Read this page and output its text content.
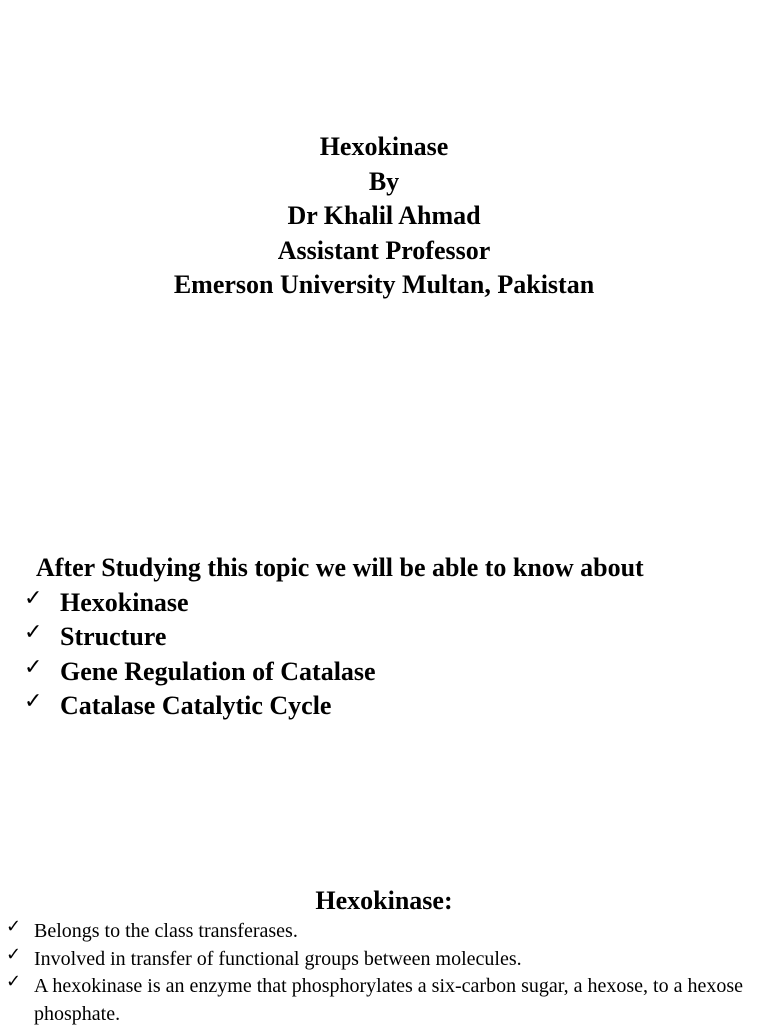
Hexokinase
By
Dr Khalil Ahmad
Assistant Professor
Emerson University Multan, Pakistan
After Studying this topic we will be able to know about
✓ Hexokinase
✓ Structure
✓ Gene Regulation of Catalase
✓ Catalase Catalytic Cycle
Hexokinase:
✓ Belongs to the class transferases.
✓ Involved in transfer of functional groups between molecules.
✓ A hexokinase is an enzyme that phosphorylates a six-carbon sugar, a hexose, to a hexose phosphate.
